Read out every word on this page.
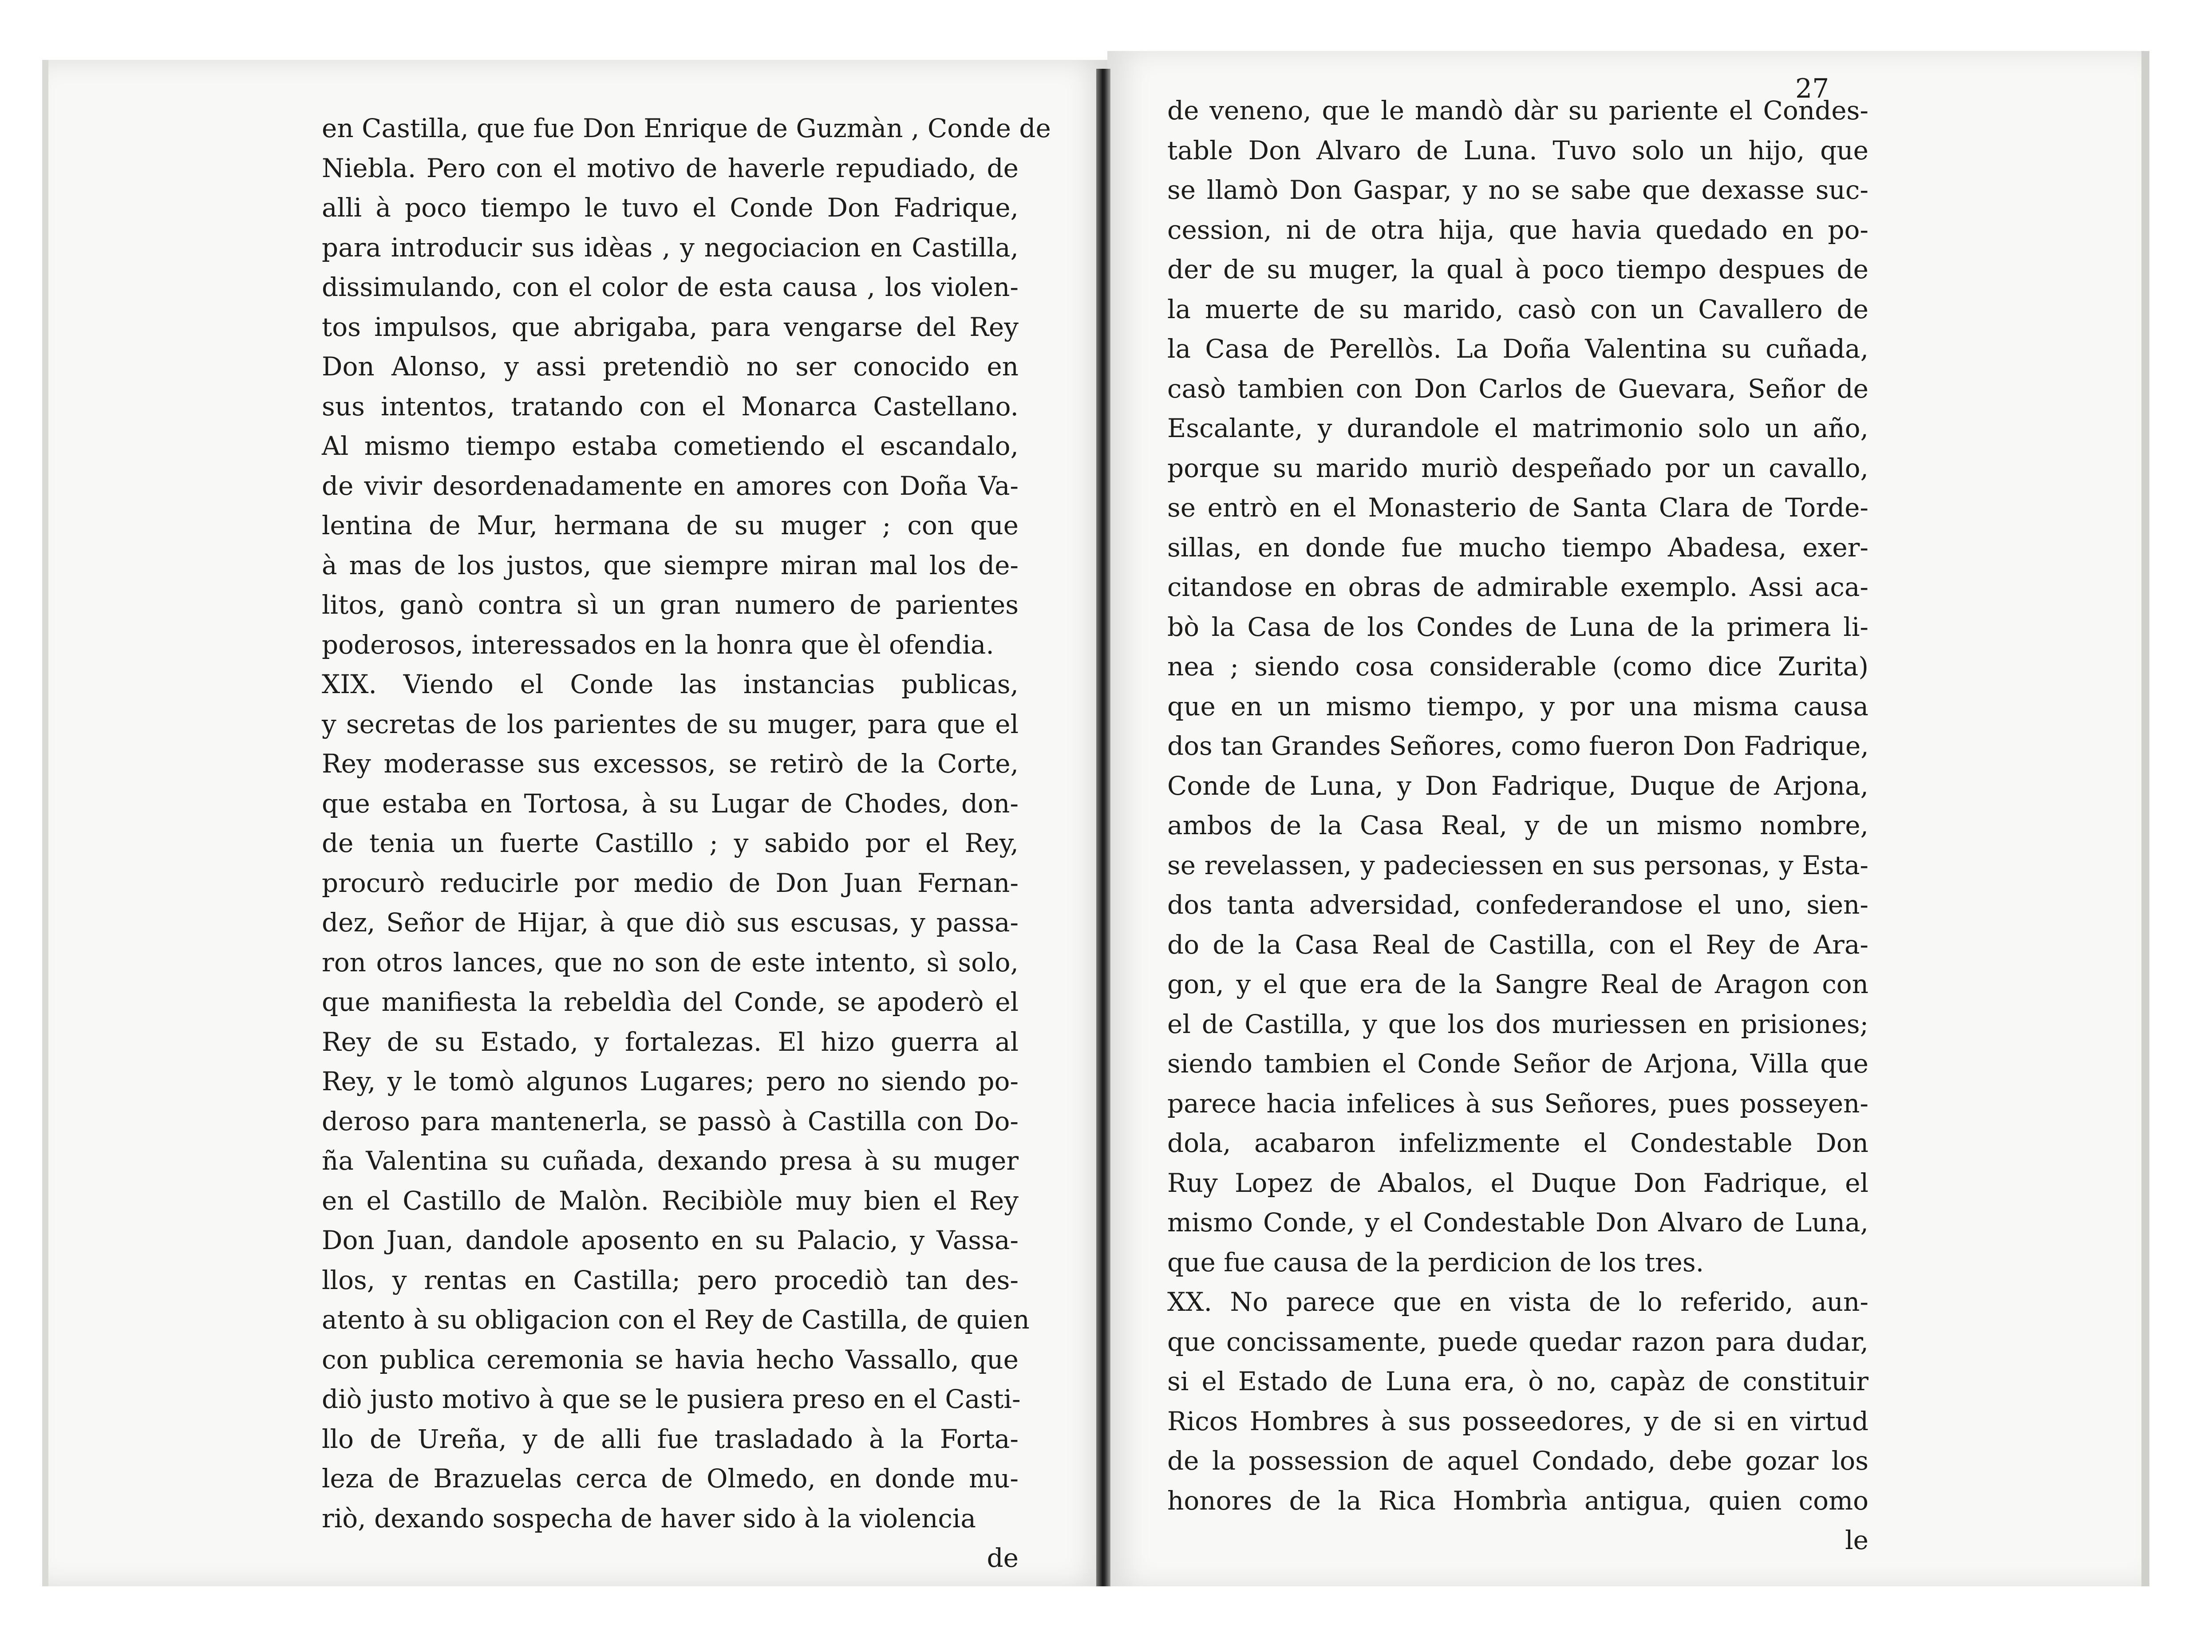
27
en Castilla, que fue Don Enrique de Guzmàn , Conde de
Niebla. Pero con el motivo de haverle repudiado, de
alli à poco tiempo le tuvo el Conde Don Fadrique,
para introducir sus idèas , y negociacion en Castilla,
dissimulando, con el color de esta causa , los violen-
tos impulsos, que abrigaba, para vengarse del Rey
Don Alonso, y assi pretendiò no ser conocido en
sus intentos, tratando con el Monarca Castellano.
Al mismo tiempo estaba cometiendo el escandalo,
de vivir desordenadamente en amores con Doña Va-
lentina de Mur, hermana de su muger ; con que
à mas de los justos, que siempre miran mal los de-
litos, ganò contra sì un gran numero de parientes
poderosos, interessados en la honra que èl ofendia.
XIX. Viendo el Conde las instancias publicas,
y secretas de los parientes de su muger, para que el
Rey moderasse sus excessos, se retirò de la Corte,
que estaba en Tortosa, à su Lugar de Chodes, don-
de tenia un fuerte Castillo ; y sabido por el Rey,
procurò reducirle por medio de Don Juan Fernan-
dez, Señor de Hijar, à que diò sus escusas, y passa-
ron otros lances, que no son de este intento, sì solo,
que manifiesta la rebeldìa del Conde, se apoderò el
Rey de su Estado, y fortalezas. El hizo guerra al
Rey, y le tomò algunos Lugares; pero no siendo po-
deroso para mantenerla, se passò à Castilla con Do-
ña Valentina su cuñada, dexando presa à su muger
en el Castillo de Malòn. Recibiòle muy bien el Rey
Don Juan, dandole aposento en su Palacio, y Vassa-
llos, y rentas en Castilla; pero procediò tan des-
atento à su obligacion con el Rey de Castilla, de quien
con publica ceremonia se havia hecho Vassallo, que
diò justo motivo à que se le pusiera preso en el Casti-
llo de Ureña, y de alli fue trasladado à la Forta-
leza de Brazuelas cerca de Olmedo, en donde mu-
riò, dexando sospecha de haver sido à la violencia
de
de veneno, que le mandò dàr su pariente el Condes-
table Don Alvaro de Luna. Tuvo solo un hijo, que
se llamò Don Gaspar, y no se sabe que dexasse suc-
cession, ni de otra hija, que havia quedado en po-
der de su muger, la qual à poco tiempo despues de
la muerte de su marido, casò con un Cavallero de
la Casa de Perellòs. La Doña Valentina su cuñada,
casò tambien con Don Carlos de Guevara, Señor de
Escalante, y durandole el matrimonio solo un año,
porque su marido muriò despeñado por un cavallo,
se entrò en el Monasterio de Santa Clara de Torde-
sillas, en donde fue mucho tiempo Abadesa, exer-
citandose en obras de admirable exemplo. Assi aca-
bò la Casa de los Condes de Luna de la primera li-
nea ; siendo cosa considerable (como dice Zurita)
que en un mismo tiempo, y por una misma causa
dos tan Grandes Señores, como fueron Don Fadrique,
Conde de Luna, y Don Fadrique, Duque de Arjona,
ambos de la Casa Real, y de un mismo nombre,
se revelassen, y padeciessen en sus personas, y Esta-
dos tanta adversidad, confederandose el uno, sien-
do de la Casa Real de Castilla, con el Rey de Ara-
gon, y el que era de la Sangre Real de Aragon con
el de Castilla, y que los dos muriessen en prisiones;
siendo tambien el Conde Señor de Arjona, Villa que
parece hacia infelices à sus Señores, pues posseyen-
dola, acabaron infelizmente el Condestable Don
Ruy Lopez de Abalos, el Duque Don Fadrique, el
mismo Conde, y el Condestable Don Alvaro de Luna,
que fue causa de la perdicion de los tres.
XX. No parece que en vista de lo referido, aun-
que concissamente, puede quedar razon para dudar,
si el Estado de Luna era, ò no, capàz de constituir
Ricos Hombres à sus posseedores, y de si en virtud
de la possession de aquel Condado, debe gozar los
honores de la Rica Hombrìa antigua, quien como
le
